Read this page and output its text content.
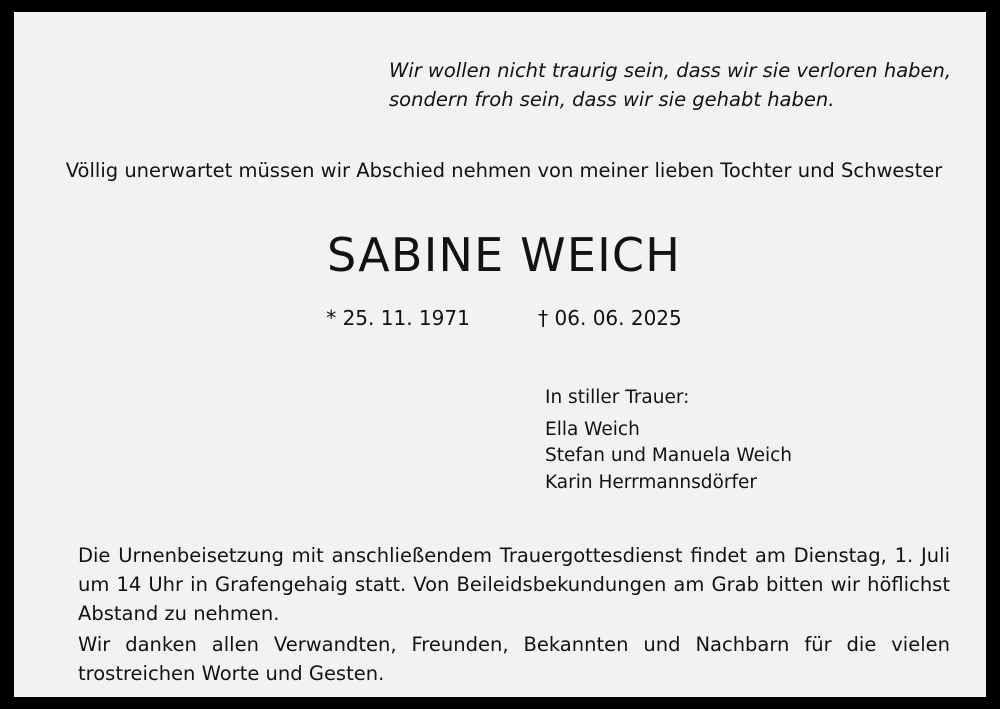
Wir wollen nicht traurig sein, dass wir sie verloren haben,
sondern froh sein, dass wir sie gehabt haben.
Völlig unerwartet müssen wir Abschied nehmen von meiner lieben Tochter und Schwester
SABINE WEICH
* 25. 11. 1971	† 06. 06. 2025
In stiller Trauer:
Ella Weich
Stefan und Manuela Weich
Karin Herrmannsdörfer
Die Urnenbeisetzung mit anschließendem Trauergottesdienst findet am Dienstag, 1. Juli um 14 Uhr in Grafengehaig statt. Von Beileidsbekundungen am Grab bitten wir höflichst Abstand zu nehmen.
Wir danken allen Verwandten, Freunden, Bekannten und Nachbarn für die vielen trostreichen Worte und Gesten.
